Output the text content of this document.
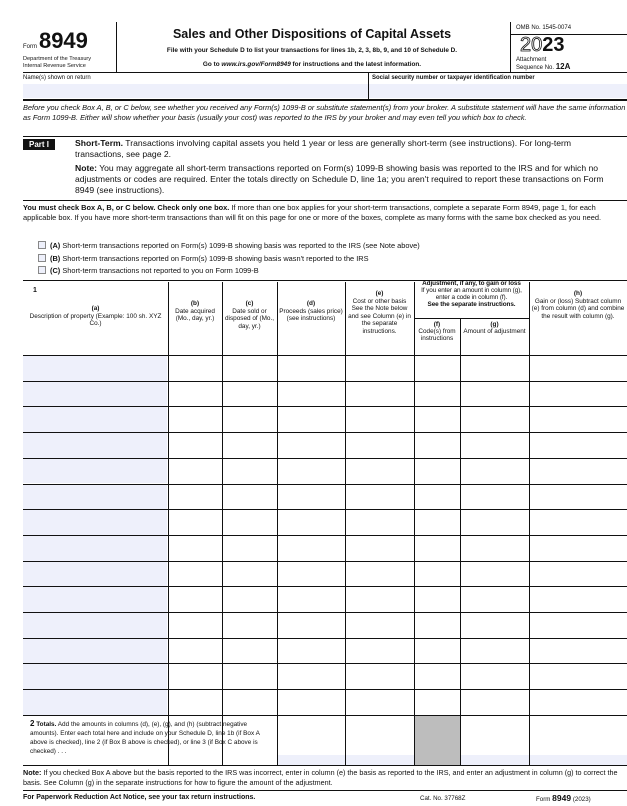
Form 8949
Department of the Treasury
Internal Revenue Service
Sales and Other Dispositions of Capital Assets
File with your Schedule D to list your transactions for lines 1b, 2, 3, 8b, 9, and 10 of Schedule D.
Go to www.irs.gov/Form8949 for instructions and the latest information.
OMB No. 1545-0074
2023
Attachment
Sequence No. 12A
Name(s) shown on return	Social security number or taxpayer identification number
Before you check Box A, B, or C below, see whether you received any Form(s) 1099-B or substitute statement(s) from your broker. A substitute statement will have the same information as Form 1099-B. Either will show whether your basis (usually your cost) was reported to the IRS by your broker and may even tell you which box to check.
Part I	Short-Term. Transactions involving capital assets you held 1 year or less are generally short-term (see instructions). For long-term transactions, see page 2.
Note: You may aggregate all short-term transactions reported on Form(s) 1099-B showing basis was reported to the IRS and for which no adjustments or codes are required. Enter the totals directly on Schedule D, line 1a; you aren't required to report these transactions on Form 8949 (see instructions).
You must check Box A, B, or C below. Check only one box. If more than one box applies for your short-term transactions, complete a separate Form 8949, page 1, for each applicable box. If you have more short-term transactions than will fit on this page for one or more of the boxes, complete as many forms with the same box checked as you need.
(A) Short-term transactions reported on Form(s) 1099-B showing basis was reported to the IRS (see Note above)
(B) Short-term transactions reported on Form(s) 1099-B showing basis wasn't reported to the IRS
(C) Short-term transactions not reported to you on Form 1099-B
1
(a)
Description of property (Example: 100 sh. XYZ Co.)
(b)
Date acquired (Mo., day, yr.)
(c)
Date sold or disposed of (Mo., day, yr.)
(d)
Proceeds (sales price) (see instructions)
(e)
Cost or other basis See the Note below and see Column (e) in the separate instructions.
(f)
Code(s) from instructions
(g)
Amount of adjustment
(h)
Gain or (loss) Subtract column (e) from column (d) and combine the result with column (g).
Adjustment, if any, to gain or loss
If you enter an amount in column (g), enter a code in column (f).
See the separate instructions.
2 Totals. Add the amounts in columns (d), (e), (g), and (h) (subtract negative amounts). Enter each total here and include on your Schedule D, line 1b (if Box A above is checked), line 2 (if Box B above is checked), or line 3 (if Box C above is checked) . . .
Note: If you checked Box A above but the basis reported to the IRS was incorrect, enter in column (e) the basis as reported to the IRS, and enter an adjustment in column (g) to correct the basis. See Column (g) in the separate instructions for how to figure the amount of the adjustment.
For Paperwork Reduction Act Notice, see your tax return instructions.	Cat. No. 37768Z	Form 8949 (2023)
